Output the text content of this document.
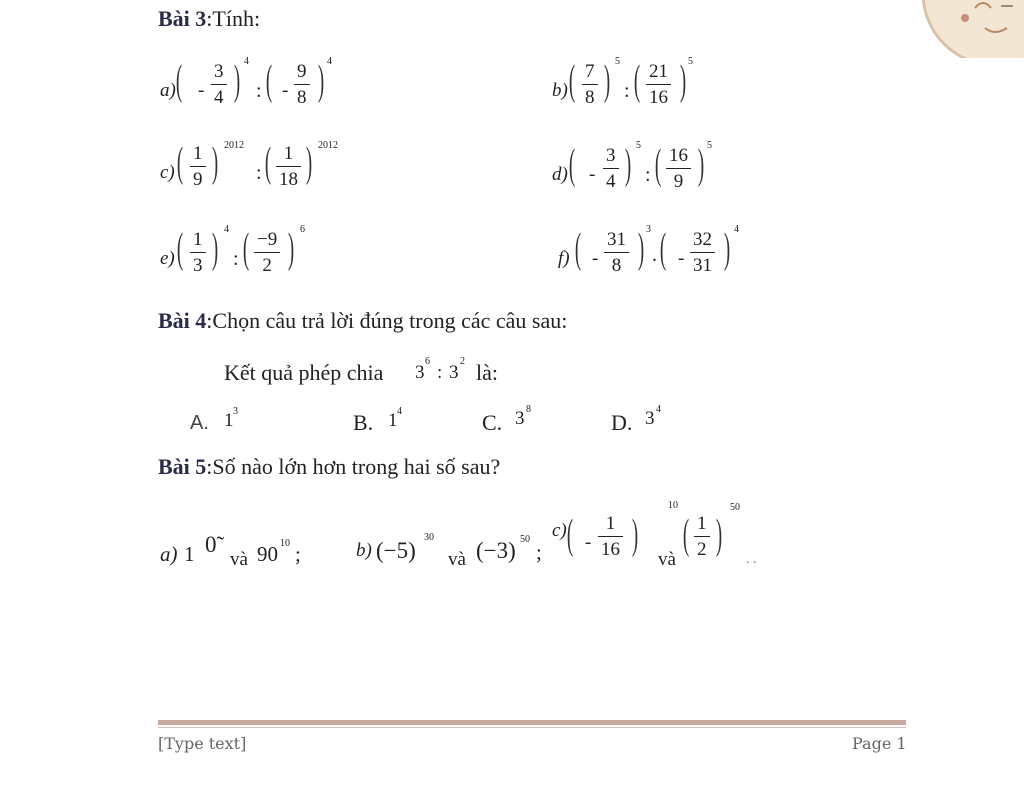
Bài 3:Tính:
a) ( - $\frac{3}{4}$ ) 4
: ( - $\frac{9}{8}$ ) 4
b) ( $\frac{7}{8}$ ) 5
: ( $\frac{21}{16}$ ) 5
c) ( $\frac{1}{9}$ ) 2012
: ( $\frac{1}{18}$ ) 2012
d) ( - $\frac{3}{4}$ ) 5
: ( $\frac{16}{9}$ ) 5
e) ( $\frac{1}{3}$ ) 4
: ( $\frac{-9}{2}$ ) 6
f) ( - $\frac{31}{8}$ ) 3
. ( - $\frac{32}{31}$ ) 4
Bài 4:Chọn câu trả lời đúng trong các câu sau:
Kết quả phép chia 3
6
: 3
2 là:
A. 1 3	B. 1 4	C. 3 8
D. 3 4
Bài 5:Số nào lớn hơn trong hai số sau?
a) 1 0̃
và 90 10 ;	b) (−5)
30
và (−3) 50
;
c) ( - $\frac{1}{16}$ )
10
và
( $\frac{1}{2}$ )
50
. .
[Type text]	Page 1
